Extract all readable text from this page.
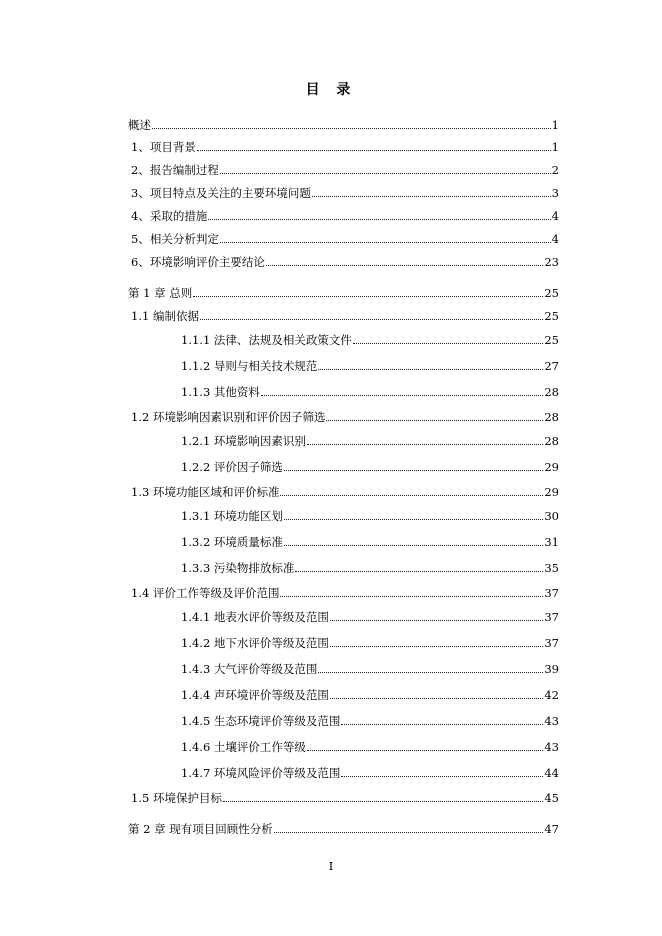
目 录
概述	1
1、项目背景	1
2、报告编制过程	2
3、项目特点及关注的主要环境问题	3
4、采取的措施	4
5、相关分析判定	4
6、环境影响评价主要结论	23
第 1 章 总则	25
1.1 编制依据	25
1.1.1 法律、法规及相关政策文件	25
1.1.2 导则与相关技术规范	27
1.1.3 其他资料	28
1.2 环境影响因素识别和评价因子筛选	28
1.2.1 环境影响因素识别	28
1.2.2 评价因子筛选	29
1.3 环境功能区域和评价标准	29
1.3.1 环境功能区划	30
1.3.2 环境质量标准	31
1.3.3 污染物排放标准	35
1.4 评价工作等级及评价范围	37
1.4.1 地表水评价等级及范围	37
1.4.2 地下水评价等级及范围	37
1.4.3 大气评价等级及范围	39
1.4.4 声环境评价等级及范围	42
1.4.5 生态环境评价等级及范围	43
1.4.6 土壤评价工作等级	43
1.4.7 环境风险评价等级及范围	44
1.5 环境保护目标	45
第 2 章 现有项目回顾性分析	47
I
